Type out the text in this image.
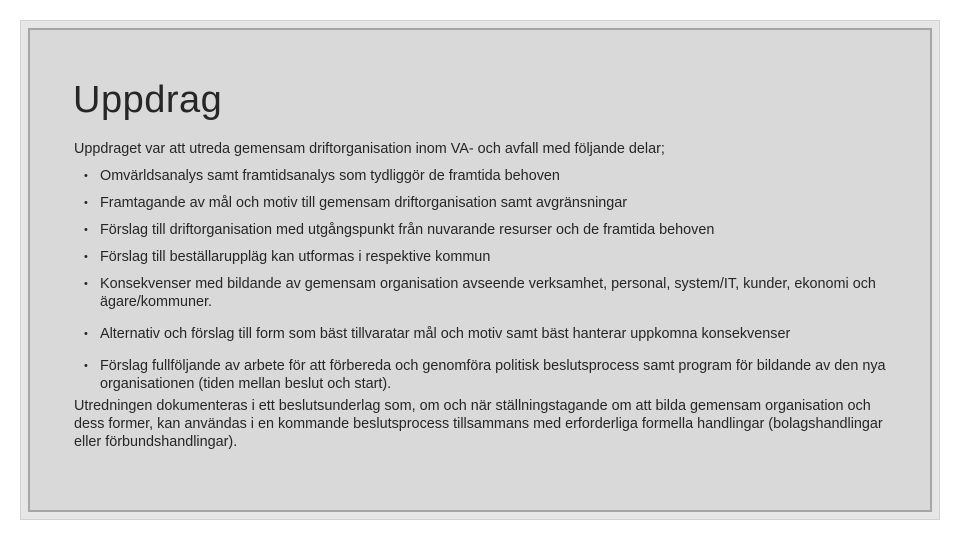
Uppdrag

Uppdraget var att utreda gemensam driftorganisation inom VA- och avfall med följande delar;

• Omvärldsanalys samt framtidsanalys som tydliggör de framtida behoven
• Framtagande av mål och motiv till gemensam driftorganisation samt avgränsningar
• Förslag till driftorganisation med utgångspunkt från nuvarande resurser och de framtida behoven
• Förslag till beställaruppläg kan utformas i respektive kommun
• Konsekvenser med bildande av gemensam organisation avseende verksamhet, personal, system/IT, kunder, ekonomi och ägare/kommuner.
• Alternativ och förslag till form som bäst tillvaratar mål och motiv samt bäst hanterar uppkomna konsekvenser
• Förslag fullföljande av arbete för att förbereda och genomföra politisk beslutsprocess samt program för bildande av den nya organisationen (tiden mellan beslut och start).

Utredningen dokumenteras i ett beslutsunderlag som, om och när ställningstagande om att bilda gemensam organisation och dess former, kan användas i en kommande beslutsprocess tillsammans med erforderliga formella handlingar (bolagshandlingar eller förbundshandlingar).
